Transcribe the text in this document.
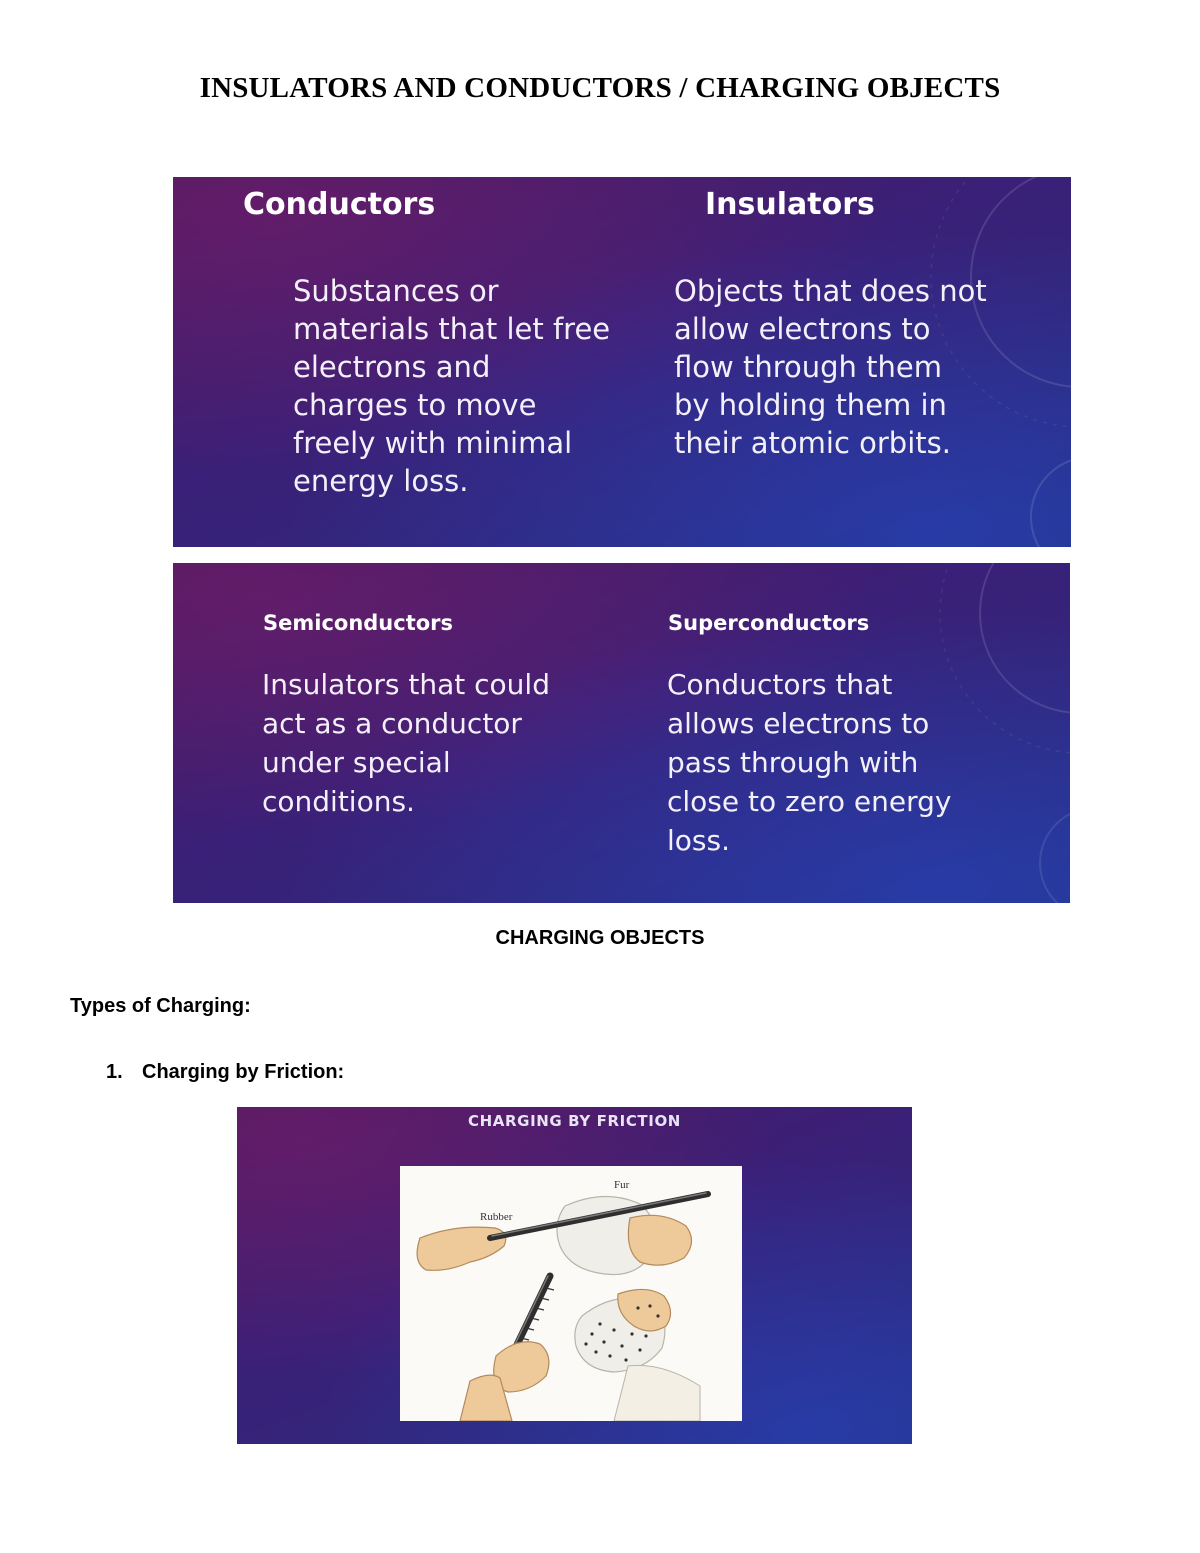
INSULATORS AND CONDUCTORS / CHARGING OBJECTS
Conductors
Substances or
materials that let free
electrons and
charges to move
freely with minimal
energy loss.
Insulators
Objects that does not
allow electrons to
flow through them
by holding them in
their atomic orbits.
Semiconductors
Insulators that could
act as a conductor
under special
conditions.
Superconductors
Conductors that
allows electrons to
pass through with
close to zero energy
loss.
CHARGING OBJECTS
Types of Charging:
1. Charging by Friction:
CHARGING BY FRICTION
Fur
Rubber
